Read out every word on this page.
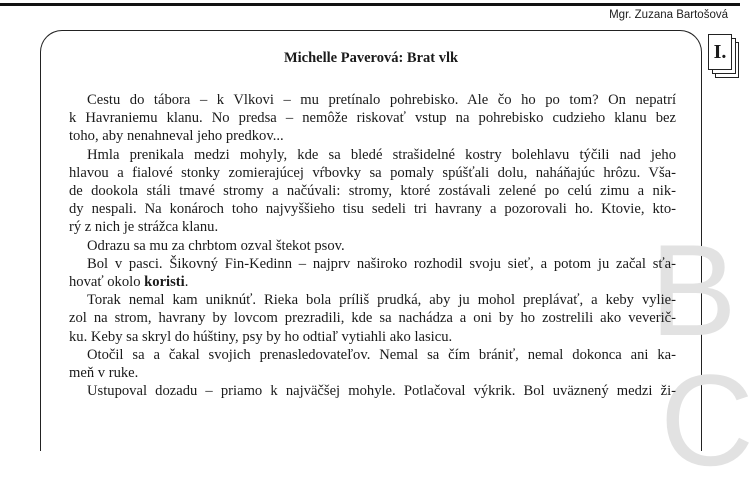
Mgr. Zuzana Bartošová
I.
B
C
Michelle Paverová: Brat vlk
Cestu do tábora – k Vlkovi – mu pretínalo pohrebisko. Ale čo ho po tom? On nepatrí
k Havraniemu klanu. No predsa – nemôže riskovať vstup na pohrebisko cudzieho klanu bez
toho, aby nenahneval jeho predkov...
Hmla prenikala medzi mohyly, kde sa bledé strašidelné kostry bolehlavu týčili nad jeho
hlavou a fialové stonky zomierajúcej vŕbovky sa pomaly spúšťali dolu, naháňajúc hrôzu. Vša-
de dookola stáli tmavé stromy a načúvali: stromy, ktoré zostávali zelené po celú zimu a nik-
dy nespali. Na konároch toho najvyššieho tisu sedeli tri havrany a pozorovali ho. Ktovie, kto-
rý z nich je strážca klanu.
Odrazu sa mu za chrbtom ozval štekot psov.
Bol v pasci. Šikovný Fin-Kedinn – najprv naširoko rozhodil svoju sieť, a potom ju začal sťa-
hovať okolo koristi.
Torak nemal kam uniknúť. Rieka bola príliš prudká, aby ju mohol preplávať, a keby vylie-
zol na strom, havrany by lovcom prezradili, kde sa nachádza a oni by ho zostrelili ako veverič-
ku. Keby sa skryl do húštiny, psy by ho odtiaľ vytiahli ako lasicu.
Otočil sa a čakal svojich prenasledovateľov. Nemal sa čím brániť, nemal dokonca ani ka-
meň v ruke.
Ustupoval dozadu – priamo k najväčšej mohyle. Potlačoval výkrik. Bol uväznený medzi ži-
